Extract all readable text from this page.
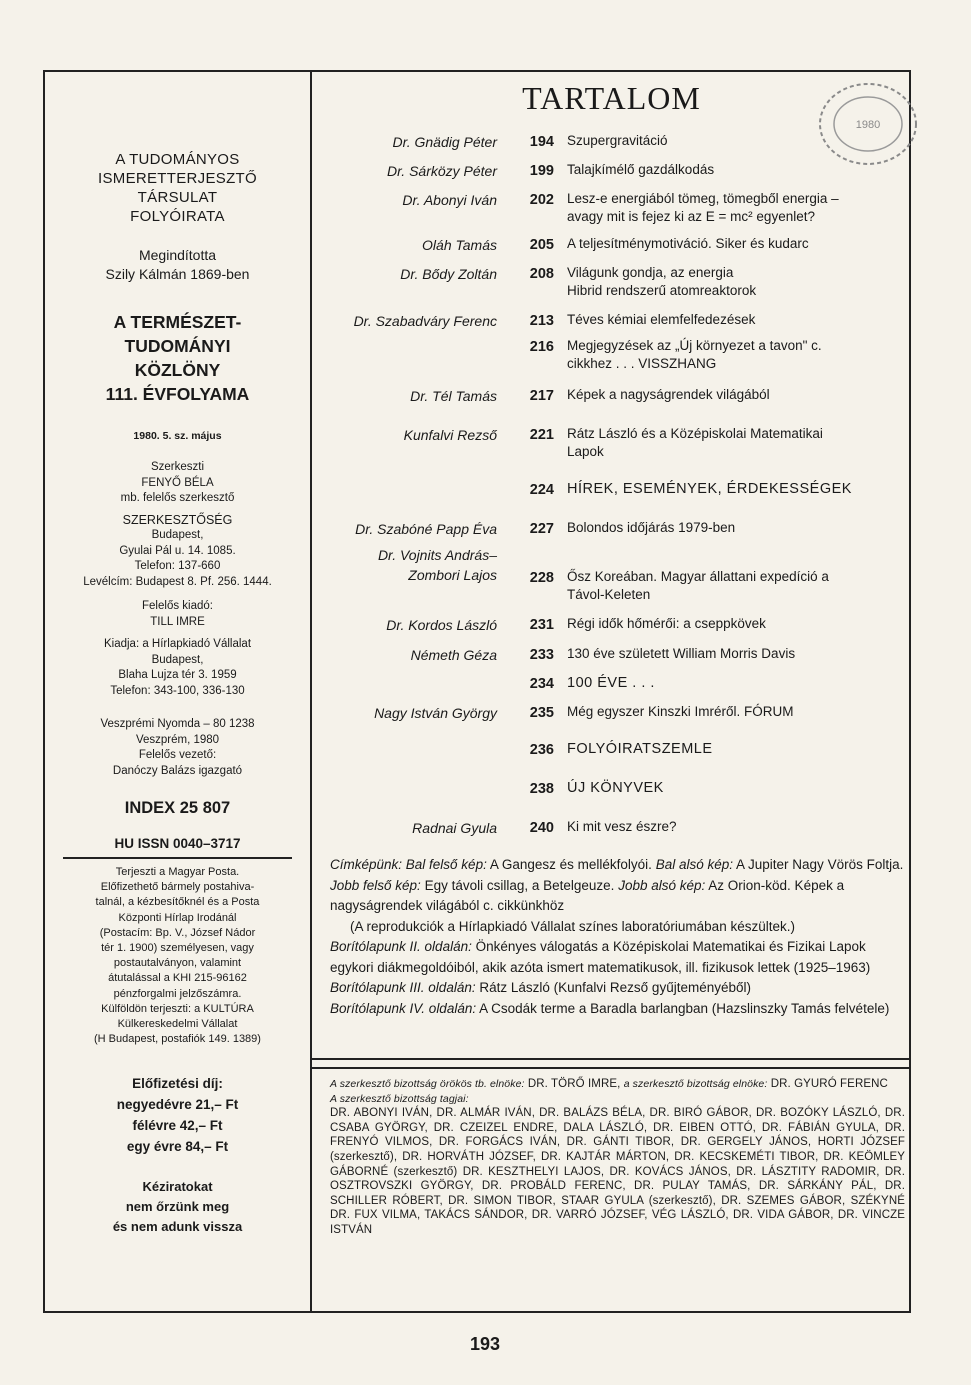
1980
A TUDOMÁNYOS
ISMERETTERJESZTŐ
TÁRSULAT
FOLYÓIRATA
Megindította
Szily Kálmán 1869-ben
A TERMÉSZET-
TUDOMÁNYI
KÖZLÖNY
111. ÉVFOLYAMA
1980. 5. sz. május
Szerkeszti
FENYŐ BÉLA
mb. felelős szerkesztő
SZERKESZTŐSÉG
Budapest,
Gyulai Pál u. 14. 1085.
Telefon: 137-660
Levélcím: Budapest 8. Pf. 256. 1444.
Felelős kiadó:
TILL IMRE
Kiadja: a Hírlapkiadó Vállalat
Budapest,
Blaha Lujza tér 3. 1959
Telefon: 343-100, 336-130
Veszprémi Nyomda – 80 1238
Veszprém, 1980
Felelős vezető:
Danóczy Balázs igazgató
INDEX 25 807
HU ISSN 0040–3717
Terjeszti a Magyar Posta.
Előfizethető bármely postahiva-
talnál, a kézbesítőknél és a Posta
Központi Hírlap Irodánál
(Postacím: Bp. V., József Nádor
tér 1. 1900) személyesen, vagy
postautalványon, valamint
átutalással a KHI 215-96162
pénzforgalmi jelzőszámra.
Külföldön terjeszti: a KULTÚRA
Külkereskedelmi Vállalat
(H Budapest, postafiók 149. 1389)
Előfizetési díj:
negyedévre 21,– Ft
félévre 42,– Ft
egy évre 84,– Ft
Kéziratokat
nem őrzünk meg
és nem adunk vissza
TARTALOM
Dr. Gnädig Péter	194 Szupergravitáció
Dr. Sárközy Péter	199 Talajkímélő gazdálkodás
Dr. Abonyi Iván	202 Lesz-e energiából tömeg, tömegből energia –
avagy mit is fejez ki az E = mc² egyenlet?
Oláh Tamás	205 A teljesítménymotiváció. Siker és kudarc
Dr. Bődy Zoltán	208 Világunk gondja, az energia
Hibrid rendszerű atomreaktorok
Dr. Szabadváry Ferenc	213 Téves kémiai elemfelfedezések
216 Megjegyzések az „Új környezet a tavon" c.
cikkhez . . . VISSZHANG
Dr. Tél Tamás	217 Képek a nagyságrendek világából
Kunfalvi Rezső	221 Rátz László és a Középiskolai Matematikai
Lapok
224 HÍREK, ESEMÉNYEK, ÉRDEKESSÉGEK
Dr. Szabóné Papp Éva	227 Bolondos időjárás 1979-ben
Dr. Vojnits András–
Zombori Lajos	228 Ősz Koreában. Magyar állattani expedíció a
Távol-Keleten
Dr. Kordos László	231 Régi idők hőmérői: a cseppkövek
Németh Géza	233 130 éve született William Morris Davis
234 100 ÉVE . . .
Nagy István György	235 Még egyszer Kinszki Imréről. FÓRUM
236 FOLYÓIRATSZEMLE
238 ÚJ KÖNYVEK
Radnai Gyula	240 Ki mit vesz észre?
Címképünk: Bal felső kép: A Gangesz és mellékfolyói. Bal alsó kép: A Jupiter Nagy Vörös Foltja. Jobb felső kép: Egy távoli csillag, a Betelgeuze. Jobb alsó kép: Az Orion-köd. Képek a nagyságrendek világából c. cikkünkhöz
(A reprodukciók a Hírlapkiadó Vállalat színes laboratóriumában készültek.)
Borítólapunk II. oldalán: Önkényes válogatás a Középiskolai Matematikai és Fizikai Lapok egykori diákmegoldóiból, akik azóta ismert matematikusok, ill. fizikusok lettek (1925–1963)
Borítólapunk III. oldalán: Rátz László (Kunfalvi Rezső gyűjteményéből)
Borítólapunk IV. oldalán: A Csodák terme a Baradla barlangban (Hazslinszky Tamás felvétele)
A szerkesztő bizottság örökös tb. elnöke: DR. TÖRŐ IMRE, a szerkesztő bizottság elnöke: DR. GYURÓ FERENC
A szerkesztő bizottság tagjai:
DR. ABONYI IVÁN, DR. ALMÁR IVÁN, DR. BALÁZS BÉLA, DR. BIRÓ GÁBOR, DR. BOZÓKY LÁSZLÓ, DR. CSABA GYÖRGY, DR. CZEIZEL ENDRE, DALA LÁSZLÓ, DR. EIBEN OTTÓ, DR. FÁBIÁN GYULA, DR. FRENYÓ VILMOS, DR. FORGÁCS IVÁN, DR. GÁNTI TIBOR, DR. GERGELY JÁNOS, HORTI JÓZSEF (szerkesztő), DR. HORVÁTH JÓZSEF, DR. KAJTÁR MÁRTON, DR. KECSKEMÉTI TIBOR, DR. KEÖMLEY GÁBORNÉ (szerkesztő) DR. KESZTHELYI LAJOS, DR. KOVÁCS JÁNOS, DR. LÁSZTITY RADOMIR, DR. OSZTROVSZKI GYÖRGY, DR. PROBÁLD FERENC, DR. PULAY TAMÁS, DR. SÁRKÁNY PÁL, DR. SCHILLER RÓBERT, DR. SIMON TIBOR, STAAR GYULA (szerkesztő), DR. SZEMES GÁBOR, SZÉKYNÉ DR. FUX VILMA, TAKÁCS SÁNDOR, DR. VARRÓ JÓZSEF, VÉG LÁSZLÓ, DR. VIDA GÁBOR, DR. VINCZE ISTVÁN
193
